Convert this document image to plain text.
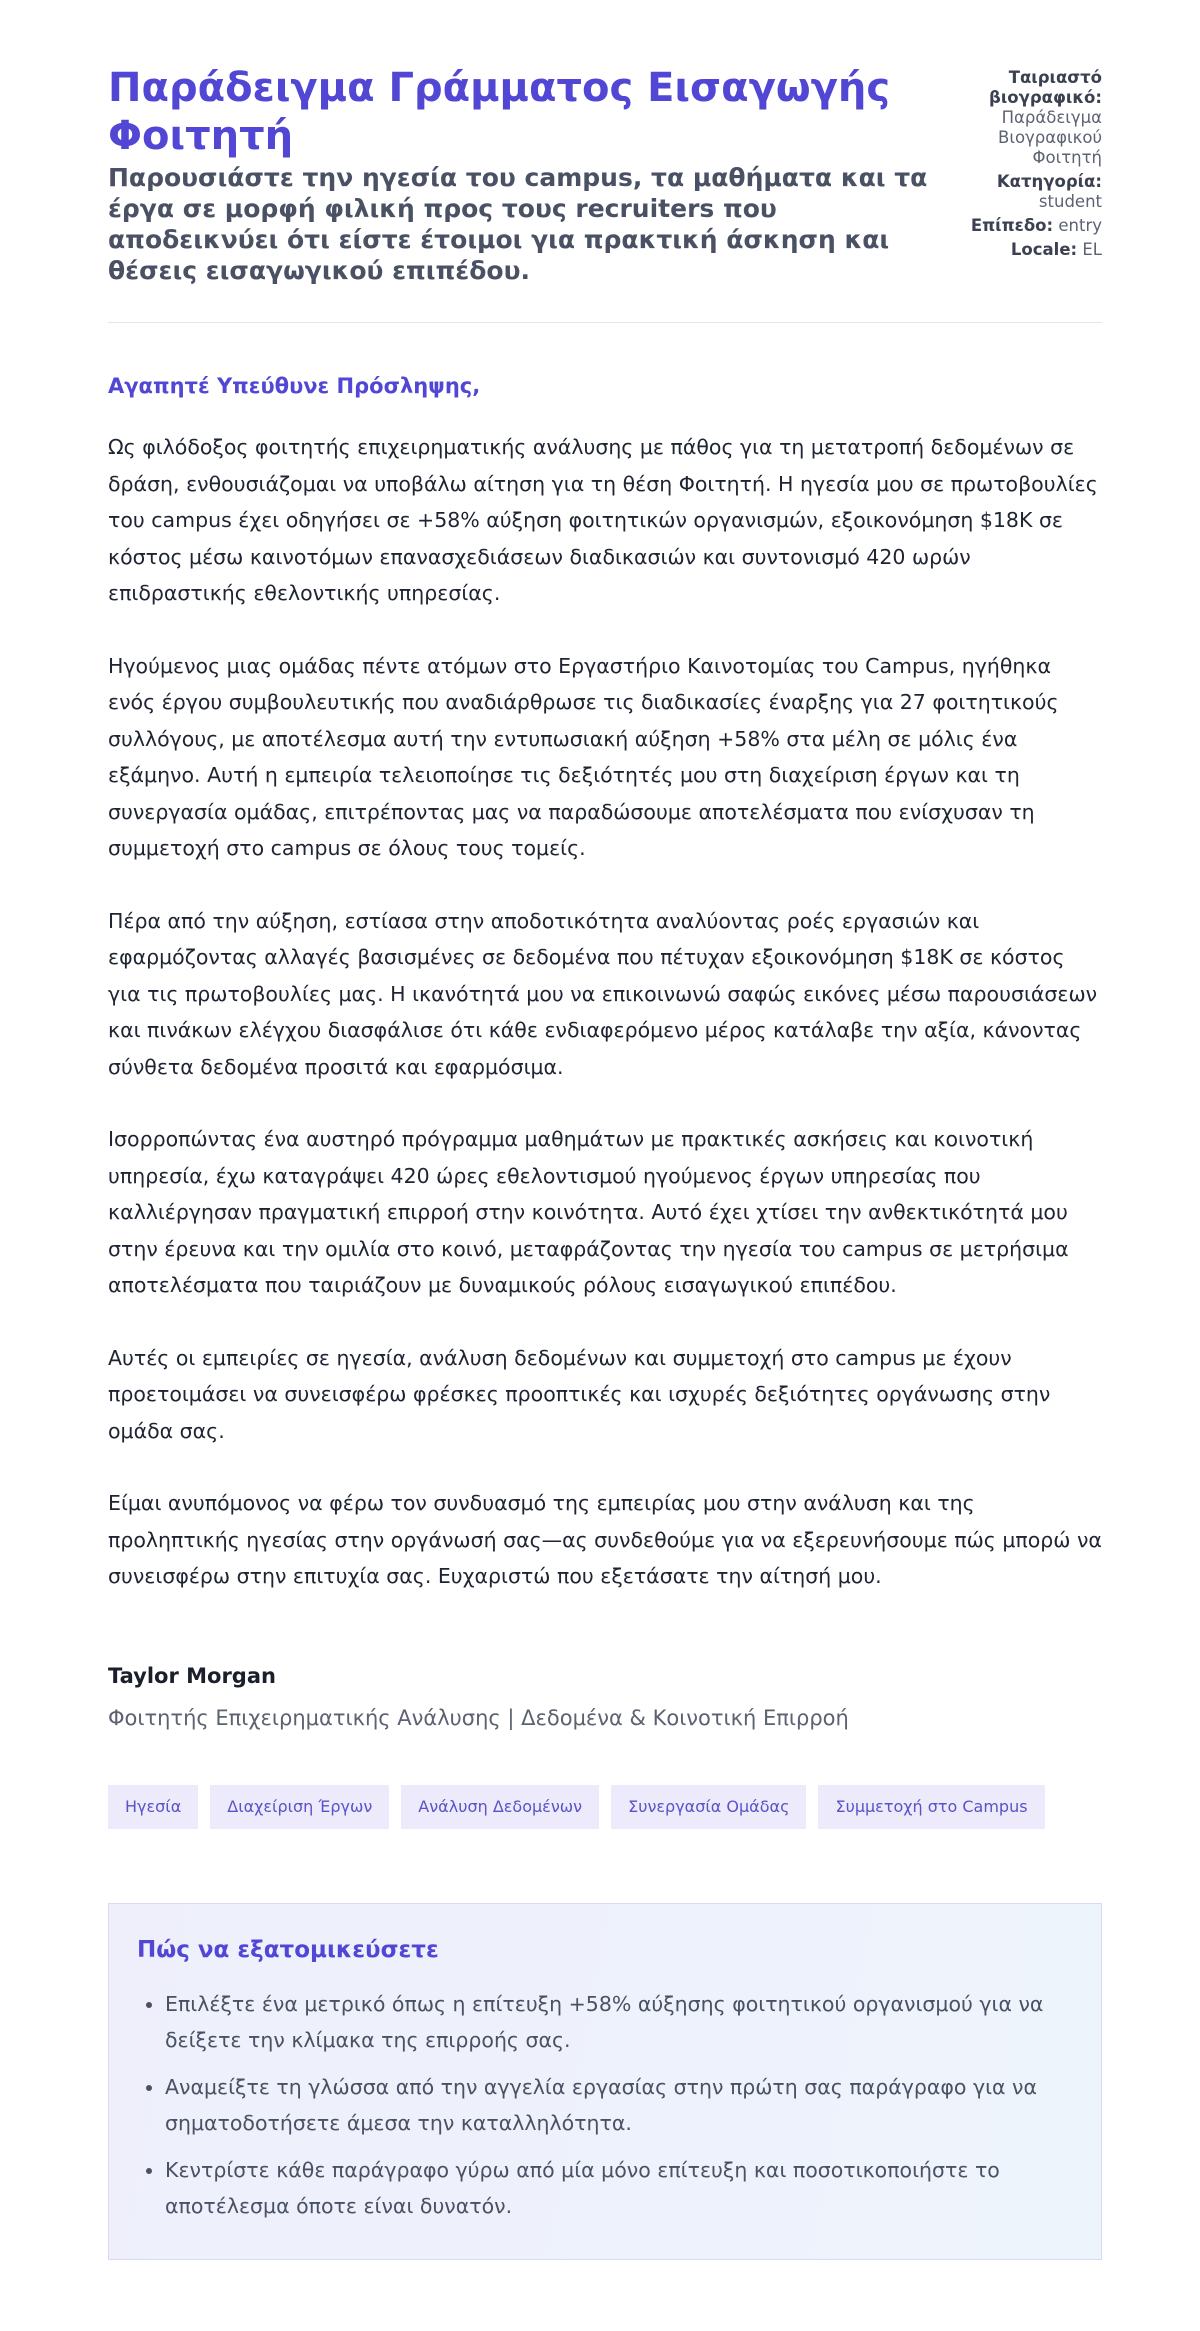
Παράδειγμα Γράμματος Εισαγωγής Φοιτητή
Παρουσιάστε την ηγεσία του campus, τα μαθήματα και τα έργα σε μορφή φιλική προς τους recruiters που αποδεικνύει ότι είστε έτοιμοι για πρακτική άσκηση και θέσεις εισαγωγικού επιπέδου.
Ταιριαστό βιογραφικό: Παράδειγμα Βιογραφικού Φοιτητή
Κατηγορία: student
Επίπεδο: entry
Locale: EL

Αγαπητέ Υπεύθυνε Πρόσληψης,

Ως φιλόδοξος φοιτητής επιχειρηματικής ανάλυσης με πάθος για τη μετατροπή δεδομένων σε δράση, ενθουσιάζομαι να υποβάλω αίτηση για τη θέση Φοιτητή. Η ηγεσία μου σε πρωτοβουλίες του campus έχει οδηγήσει σε +58% αύξηση φοιτητικών οργανισμών, εξοικονόμηση $18K σε κόστος μέσω καινοτόμων επανασχεδιάσεων διαδικασιών και συντονισμό 420 ωρών επιδραστικής εθελοντικής υπηρεσίας.

Ηγούμενος μιας ομάδας πέντε ατόμων στο Εργαστήριο Καινοτομίας του Campus, ηγήθηκα ενός έργου συμβουλευτικής που αναδιάρθρωσε τις διαδικασίες έναρξης για 27 φοιτητικούς συλλόγους, με αποτέλεσμα αυτή την εντυπωσιακή αύξηση +58% στα μέλη σε μόλις ένα εξάμηνο. Αυτή η εμπειρία τελειοποίησε τις δεξιότητές μου στη διαχείριση έργων και τη συνεργασία ομάδας, επιτρέποντας μας να παραδώσουμε αποτελέσματα που ενίσχυσαν τη συμμετοχή στο campus σε όλους τους τομείς.

Πέρα από την αύξηση, εστίασα στην αποδοτικότητα αναλύοντας ροές εργασιών και εφαρμόζοντας αλλαγές βασισμένες σε δεδομένα που πέτυχαν εξοικονόμηση $18K σε κόστος για τις πρωτοβουλίες μας. Η ικανότητά μου να επικοινωνώ σαφώς εικόνες μέσω παρουσιάσεων και πινάκων ελέγχου διασφάλισε ότι κάθε ενδιαφερόμενο μέρος κατάλαβε την αξία, κάνοντας σύνθετα δεδομένα προσιτά και εφαρμόσιμα.

Ισορροπώντας ένα αυστηρό πρόγραμμα μαθημάτων με πρακτικές ασκήσεις και κοινοτική υπηρεσία, έχω καταγράψει 420 ώρες εθελοντισμού ηγούμενος έργων υπηρεσίας που καλλιέργησαν πραγματική επιρροή στην κοινότητα. Αυτό έχει χτίσει την ανθεκτικότητά μου στην έρευνα και την ομιλία στο κοινό, μεταφράζοντας την ηγεσία του campus σε μετρήσιμα αποτελέσματα που ταιριάζουν με δυναμικούς ρόλους εισαγωγικού επιπέδου.

Αυτές οι εμπειρίες σε ηγεσία, ανάλυση δεδομένων και συμμετοχή στο campus με έχουν προετοιμάσει να συνεισφέρω φρέσκες προοπτικές και ισχυρές δεξιότητες οργάνωσης στην ομάδα σας.

Είμαι ανυπόμονος να φέρω τον συνδυασμό της εμπειρίας μου στην ανάλυση και της προληπτικής ηγεσίας στην οργάνωσή σας—ας συνδεθούμε για να εξερευνήσουμε πώς μπορώ να συνεισφέρω στην επιτυχία σας. Ευχαριστώ που εξετάσατε την αίτησή μου.

Taylor Morgan
Φοιτητής Επιχειρηματικής Ανάλυσης | Δεδομένα & Κοινοτική Επιρροή
Ηγεσία	Διαχείριση Έργων	Ανάλυση Δεδομένων	Συνεργασία Ομάδας	Συμμετοχή στο Campus
Πώς να εξατομικεύσετε
• Επιλέξτε ένα μετρικό όπως η επίτευξη +58% αύξησης φοιτητικού οργανισμού για να δείξετε την κλίμακα της επιρροής σας.
• Αναμείξτε τη γλώσσα από την αγγελία εργασίας στην πρώτη σας παράγραφο για να σηματοδοτήσετε άμεσα την καταλληλότητα.
• Κεντρίστε κάθε παράγραφο γύρω από μία μόνο επίτευξη και ποσοτικοποιήστε το αποτέλεσμα όποτε είναι δυνατόν.
